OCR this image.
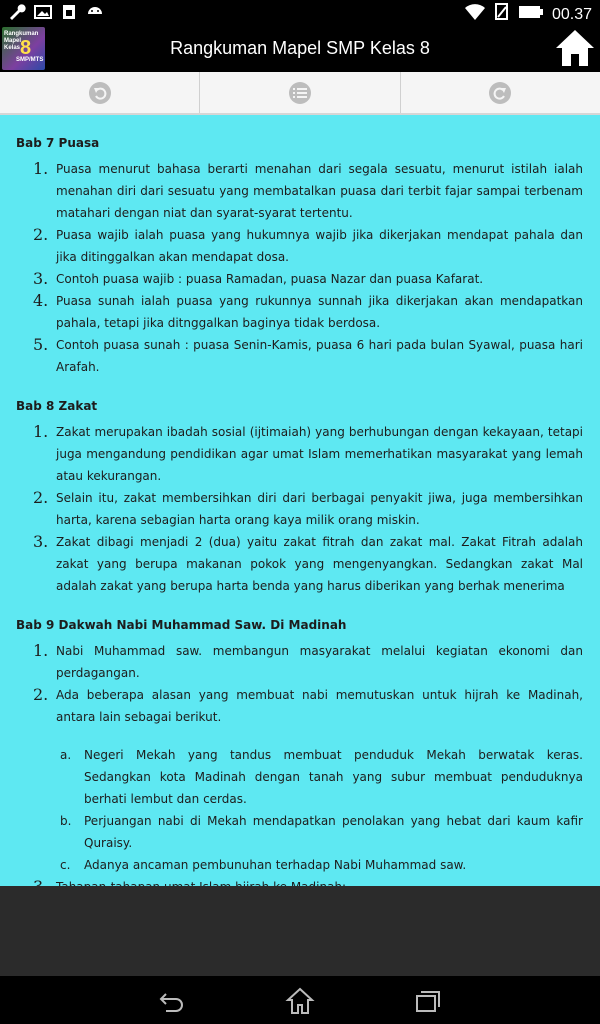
00.37
Rangkuman Mapel Kelas 8
SMP/MTS
Rangkuman Mapel SMP Kelas 8
Bab 7 Puasa
1. Puasa menurut bahasa berarti menahan dari segala sesuatu, menurut istilah ialah menahan diri dari sesuatu yang membatalkan puasa dari terbit fajar sampai terbenam matahari dengan niat dan syarat-syarat tertentu.
2. Puasa wajib ialah puasa yang hukumnya wajib jika dikerjakan mendapat pahala dan jika ditinggalkan akan mendapat dosa.
3. Contoh puasa wajib : puasa Ramadan, puasa Nazar dan puasa Kafarat.
4. Puasa sunah ialah puasa yang rukunnya sunnah jika dikerjakan akan mendapatkan pahala, tetapi jika ditnggalkan baginya tidak berdosa.
5. Contoh puasa sunah : puasa Senin-Kamis, puasa 6 hari pada bulan Syawal, puasa hari Arafah.
Bab 8 Zakat
1. Zakat merupakan ibadah sosial (ijtimaiah) yang berhubungan dengan kekayaan, tetapi juga mengandung pendidikan agar umat Islam memerhatikan masyarakat yang lemah atau kekurangan.
2. Selain itu, zakat membersihkan diri dari berbagai penyakit jiwa, juga membersihkan harta, karena sebagian harta orang kaya milik orang miskin.
3. Zakat dibagi menjadi 2 (dua) yaitu zakat fitrah dan zakat mal. Zakat Fitrah adalah zakat yang berupa makanan pokok yang mengenyangkan. Sedangkan zakat Mal adalah zakat yang berupa harta benda yang harus diberikan yang berhak menerima
Bab 9 Dakwah Nabi Muhammad Saw. Di Madinah
1. Nabi Muhammad saw. membangun masyarakat melalui kegiatan ekonomi dan perdagangan.
2. Ada beberapa alasan yang membuat nabi memutuskan untuk hijrah ke Madinah, antara lain sebagai berikut.
a. Negeri Mekah yang tandus membuat penduduk Mekah berwatak keras. Sedangkan kota Madinah dengan tanah yang subur membuat penduduknya berhati lembut dan cerdas.
b. Perjuangan nabi di Mekah mendapatkan penolakan yang hebat dari kaum kafir Quraisy.
c. Adanya ancaman pembunuhan terhadap Nabi Muhammad saw.
